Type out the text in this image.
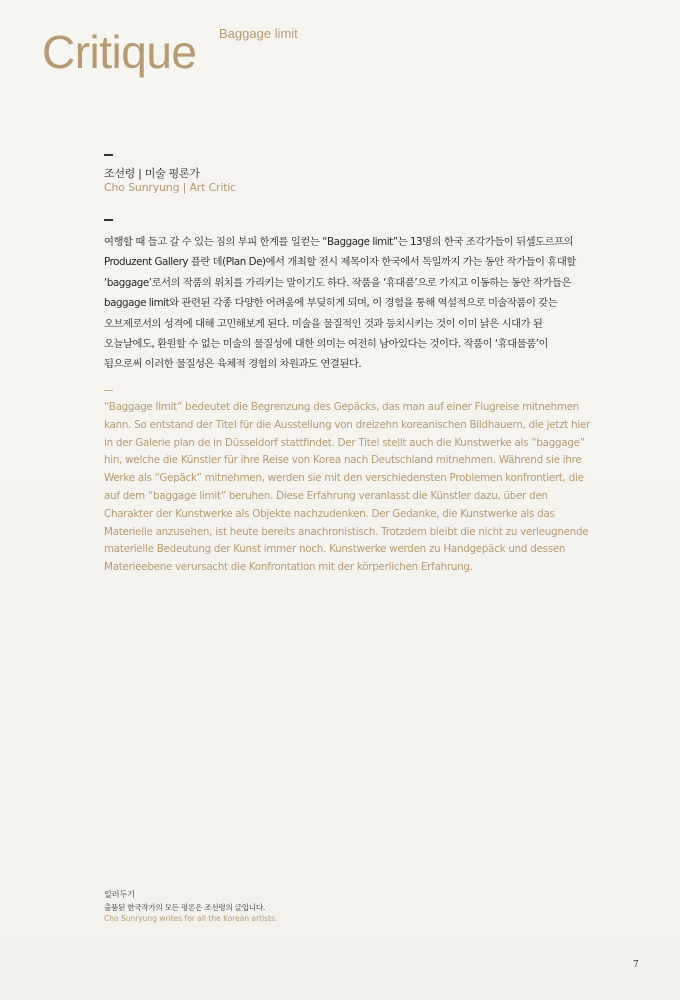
Critique Baggage limit
조선령 | 미술 평론가
Cho Sunryung | Art Critic
여행할 때 들고 갈 수 있는 짐의 부피 한계를 일컫는 “Baggage limit”는 13명의 한국 조각가들이 뒤셀도르프의
Produzent Gallery 플란 데(Plan De)에서 개최할 전시 제목이자 한국에서 독일까지 가는 동안 작가들이 휴대할
‘baggage’로서의 작품의 위치를 가리키는 말이기도 하다. 작품을 ‘휴대품’으로 가지고 이동하는 동안 작가들은
baggage limit와 관련된 각종 다양한 어려움에 부딪히게 되며, 이 경험을 통해 역설적으로 미술작품이 갖는
오브제로서의 성격에 대해 고민해보게 된다. 미술을 물질적인 것과 등치시키는 것이 이미 낡은 시대가 된
오늘날에도, 환원할 수 없는 미술의 물질성에 대한 의미는 여전히 남아있다는 것이다. 작품이 ‘휴대물품’이
됨으로써 이러한 물질성은 육체적 경험의 차원과도 연결된다.
“Baggage limit” bedeutet die Begrenzung des Gepäcks, das man auf einer Flugreise mitnehmen
kann. So entstand der Titel für die Ausstellung von dreizehn koreanischen Bildhauern, die jetzt hier
in der Galerie plan de in Düsseldorf stattfindet. Der Titel stellt auch die Kunstwerke als “baggage”
hin, welche die Künstler für ihre Reise von Korea nach Deutschland mitnehmen. Während sie ihre
Werke als “Gepäck” mitnehmen, werden sie mit den verschiedensten Problemen konfrontiert, die
auf dem “baggage limit” beruhen. Diese Erfahrung veranlasst die Künstler dazu, über den
Charakter der Kunstwerke als Objekte nachzudenken. Der Gedanke, die Kunstwerke als das
Materielle anzusehen, ist heute bereits anachronistisch. Trotzdem bleibt die nicht zu verleugnende
materielle Bedeutung der Kunst immer noch. Kunstwerke werden zu Handgepäck und dessen
Materieebene verursacht die Konfrontation mit der körperlichen Erfahrung.
일러두기
출품된 한국작가의 모든 평론은 조선령의 글입니다.
Cho Sunryung writes for all the Korean artists.
7
